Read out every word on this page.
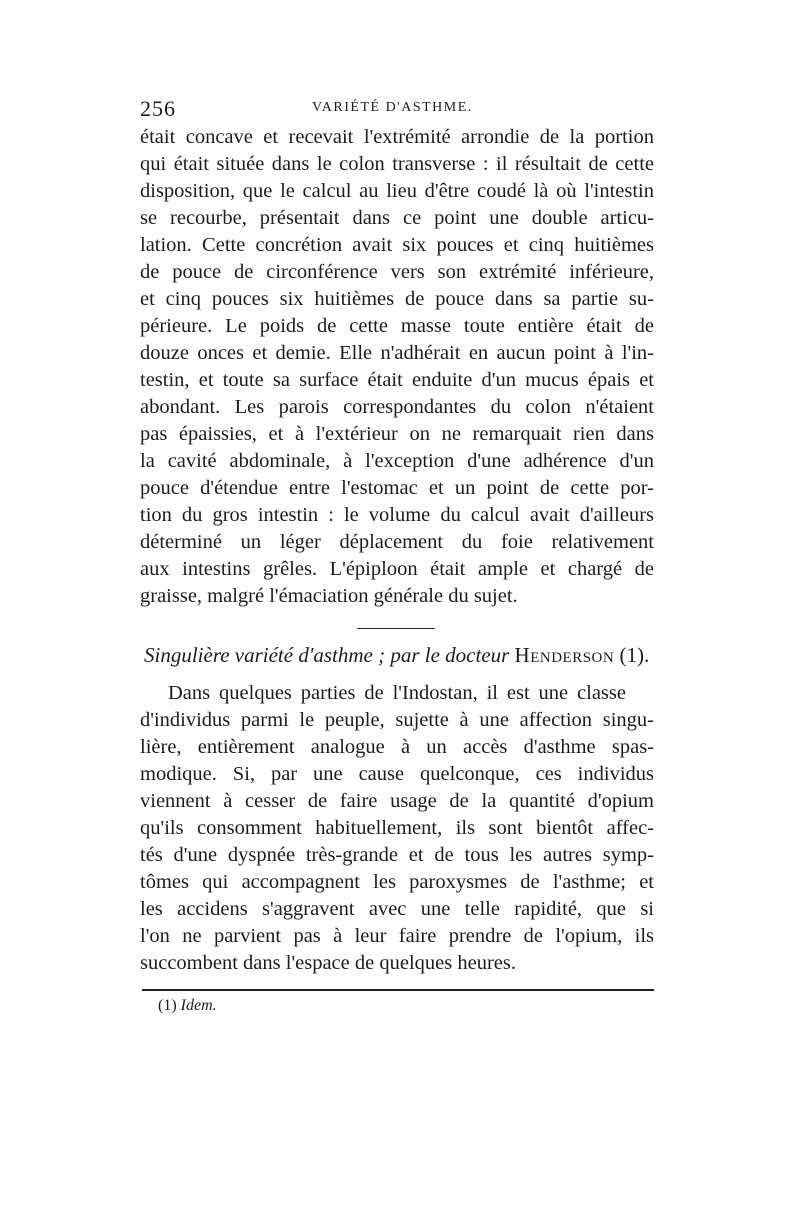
256	VARIÉTÉ D'ASTHME.

était concave et recevait l'extrémité arrondie de la portion
qui était située dans le colon transverse : il résultait de cette
disposition, que le calcul au lieu d'être coudé là où l'intestin
se recourbe, présentait dans ce point une double articu-
lation. Cette concrétion avait six pouces et cinq huitièmes
de pouce de circonférence vers son extrémité inférieure,
et cinq pouces six huitièmes de pouce dans sa partie su-
périeure. Le poids de cette masse toute entière était de
douze onces et demie. Elle n'adhérait en aucun point à l'in-
testin, et toute sa surface était enduite d'un mucus épais et
abondant. Les parois correspondantes du colon n'étaient
pas épaissies, et à l'extérieur on ne remarquait rien dans
la cavité abdominale, à l'exception d'une adhérence d'un
pouce d'étendue entre l'estomac et un point de cette por-
tion du gros intestin : le volume du calcul avait d'ailleurs
déterminé un léger déplacement du foie relativement
aux intestins grêles. L'épiploon était ample et chargé de
graisse, malgré l'émaciation générale du sujet.

Singulière variété d'asthme ; par le docteur Henderson (1).

Dans quelques parties de l'Indostan, il est une classe
d'individus parmi le peuple, sujette à une affection singu-
lière, entièrement analogue à un accès d'asthme spas-
modique. Si, par une cause quelconque, ces individus
viennent à cesser de faire usage de la quantité d'opium
qu'ils consomment habituellement, ils sont bientôt affec-
tés d'une dyspnée très-grande et de tous les autres symp-
tômes qui accompagnent les paroxysmes de l'asthme; et
les accidens s'aggravent avec une telle rapidité, que si
l'on ne parvient pas à leur faire prendre de l'opium, ils
succombent dans l'espace de quelques heures.

(1) Idem.
